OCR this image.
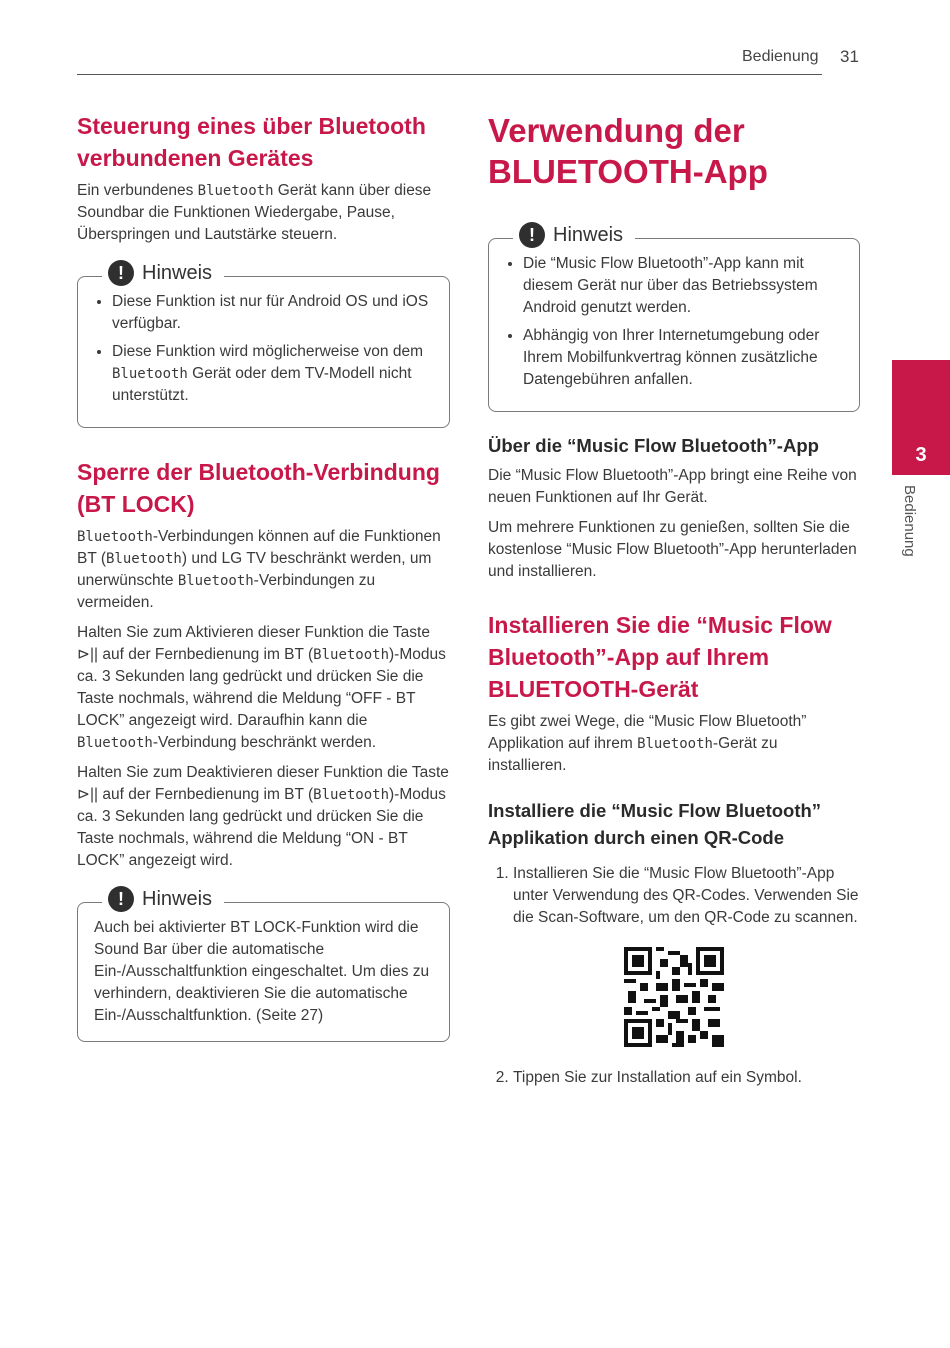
Bedienung 31
Steuerung eines über Bluetooth verbundenen Gerätes

Ein verbundenes Bluetooth Gerät kann über diese Soundbar die Funktionen Wiedergabe, Pause, Überspringen und Lautstärke steuern.

! Hinweis
• Diese Funktion ist nur für Android OS und iOS verfügbar.
• Diese Funktion wird möglicherweise von dem Bluetooth Gerät oder dem TV-Modell nicht unterstützt.
Sperre der Bluetooth-Verbindung (BT LOCK)

Bluetooth-Verbindungen können auf die Funktionen BT (Bluetooth) und LG TV beschränkt werden, um unerwünschte Bluetooth-Verbindungen zu vermeiden.

Halten Sie zum Aktivieren dieser Funktion die Taste ⊳|| auf der Fernbedienung im BT (Bluetooth)-Modus ca. 3 Sekunden lang gedrückt und drücken Sie die Taste nochmals, während die Meldung “OFF - BT LOCK” angezeigt wird. Daraufhin kann die Bluetooth-Verbindung beschränkt werden.

Halten Sie zum Deaktivieren dieser Funktion die Taste ⊳|| auf der Fernbedienung im BT (Bluetooth)-Modus ca. 3 Sekunden lang gedrückt und drücken Sie die Taste nochmals, während die Meldung “ON - BT LOCK” angezeigt wird.

! Hinweis

Auch bei aktivierter BT LOCK-Funktion wird die Sound Bar über die automatische Ein-/Ausschaltfunktion eingeschaltet. Um dies zu verhindern, deaktivieren Sie die automatische Ein-/Ausschaltfunktion. (Seite 27)

Verwendung der BLUETOOTH-App
! Hinweis
• Die “Music Flow Bluetooth”-App kann mit diesem Gerät nur über das Betriebssystem Android genutzt werden.
• Abhängig von Ihrer Internetumgebung oder Ihrem Mobilfunkvertrag können zusätzliche Datengebühren anfallen.
Über die “Music Flow Bluetooth”-App

Die “Music Flow Bluetooth”-App bringt eine Reihe von neuen Funktionen auf Ihr Gerät.

Um mehrere Funktionen zu genießen, sollten Sie die kostenlose “Music Flow Bluetooth”-App herunterladen und installieren.

Installieren Sie die “Music Flow Bluetooth”-App auf Ihrem BLUETOOTH-Gerät

Es gibt zwei Wege, die “Music Flow Bluetooth” Applikation auf ihrem Bluetooth-Gerät zu installieren.

Installiere die “Music Flow Bluetooth” Applikation durch einen QR-Code
1. Installieren Sie die “Music Flow Bluetooth”-App unter Verwendung des QR-Codes. Verwenden Sie die Scan-Software, um den QR-Code zu scannen.
2. Tippen Sie zur Installation auf ein Symbol.
3
Bedienung
